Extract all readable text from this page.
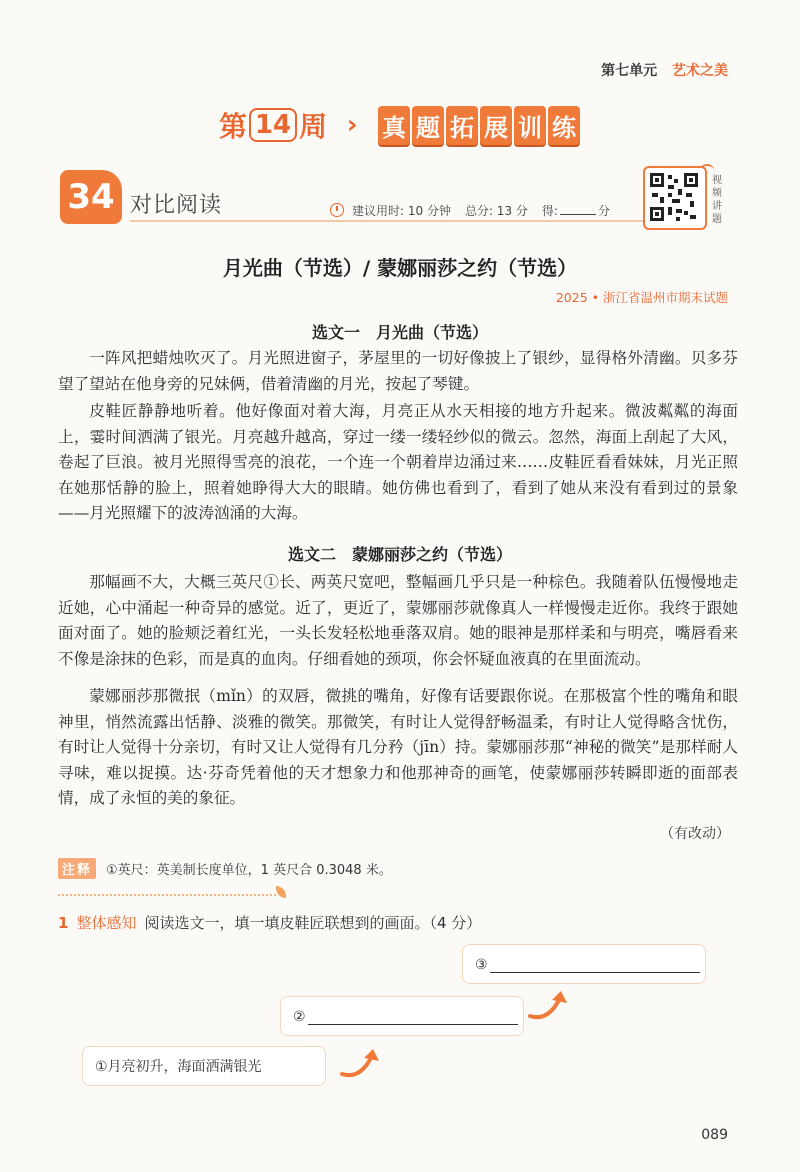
第七单元 艺术之美
第 14 周 › 真 题 拓 展 训 练
34 对比阅读	建议用时: 10 分钟 总分: 13 分 得:	分
视
频
讲
题
月光曲（节选）/ 蒙娜丽莎之约（节选）
2025 • 浙江省温州市期末试题
选文一　月光曲（节选）

一阵风把蜡烛吹灭了。月光照进窗子，茅屋里的一切好像披上了银纱，显得格外清幽。贝多芬望了望站在他身旁的兄妹俩，借着清幽的月光，按起了琴键。

皮鞋匠静静地听着。他好像面对着大海，月亮正从水天相接的地方升起来。微波粼粼的海面上，霎时间洒满了银光。月亮越升越高，穿过一缕一缕轻纱似的微云。忽然，海面上刮起了大风，卷起了巨浪。被月光照得雪亮的浪花，一个连一个朝着岸边涌过来……皮鞋匠看看妹妹，月光正照在她那恬静的脸上，照着她睁得大大的眼睛。她仿佛也看到了，看到了她从来没有看到过的景象——月光照耀下的波涛汹涌的大海。

选文二　蒙娜丽莎之约（节选）

那幅画不大，大概三英尺①长、两英尺宽吧，整幅画几乎只是一种棕色。我随着队伍慢慢地走近她，心中涌起一种奇异的感觉。近了，更近了，蒙娜丽莎就像真人一样慢慢走近你。我终于跟她面对面了。她的脸颊泛着红光，一头长发轻松地垂落双肩。她的眼神是那样柔和与明亮，嘴唇看来不像是涂抹的色彩，而是真的血肉。仔细看她的颈项，你会怀疑血液真的在里面流动。

蒙娜丽莎那微抿（mǐn）的双唇，微挑的嘴角，好像有话要跟你说。在那极富个性的嘴角和眼神里，悄然流露出恬静、淡雅的微笑。那微笑，有时让人觉得舒畅温柔，有时让人觉得略含忧伤，有时让人觉得十分亲切，有时又让人觉得有几分矜（jīn）持。蒙娜丽莎那“神秘的微笑”是那样耐人寻味，难以捉摸。达·芬奇凭着他的天才想象力和他那神奇的画笔，使蒙娜丽莎转瞬即逝的面部表情，成了永恒的美的象征。

（有改动）
注释 ①英尺：英美制长度单位，1 英尺合 0.3048 米。
1 整体感知 阅读选文一，填一填皮鞋匠联想到的画面。（4 分）
③
②
①月亮初升，海面洒满银光
089
